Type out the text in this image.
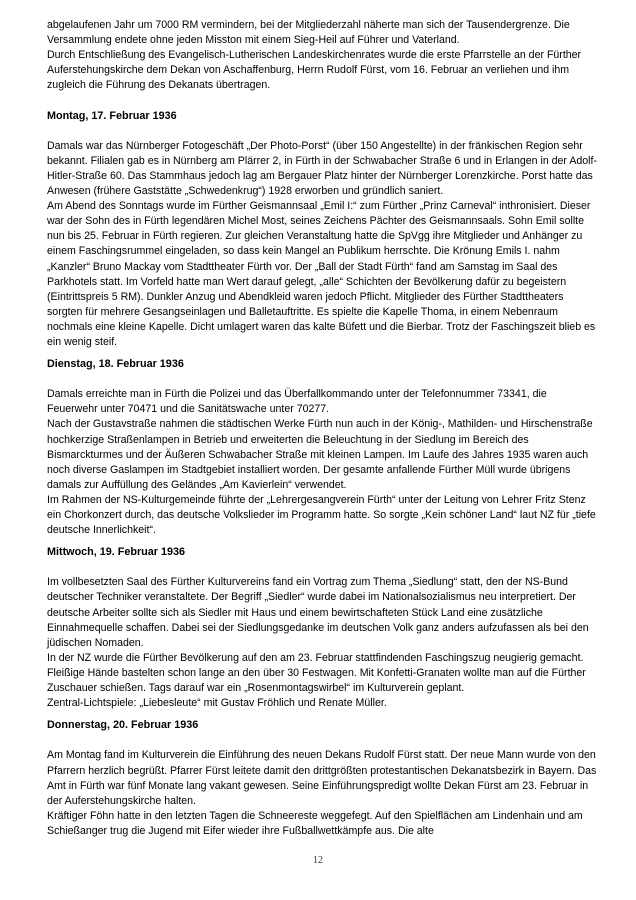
abgelaufenen Jahr um 7000 RM vermindern, bei der Mitgliederzahl näherte man sich der Tausendergrenze. Die Versammlung endete ohne jeden Misston mit einem Sieg-Heil auf Führer und Vaterland.

Durch Entschließung des Evangelisch-Lutherischen Landeskirchenrates wurde die erste Pfarrstelle an der Fürther Auferstehungskirche dem Dekan von Aschaffenburg, Herrn Rudolf Fürst, vom 16. Februar an verliehen und ihm zugleich die Führung des Dekanats übertragen.

Montag, 17. Februar 1936

Damals war das Nürnberger Fotogeschäft „Der Photo-Porst“ (über 150 Angestellte) in der fränkischen Region sehr bekannt. Filialen gab es in Nürnberg am Plärrer 2, in Fürth in der Schwabacher Straße 6 und in Erlangen in der Adolf-Hitler-Straße 60. Das Stammhaus jedoch lag am Bergauer Platz hinter der Nürnberger Lorenzkirche. Porst hatte das Anwesen (frühere Gaststätte „Schwedenkrug“) 1928 erworben und gründlich saniert.

Am Abend des Sonntags wurde im Fürther Geismannsaal „Emil I:“ zum Fürther „Prinz Carneval“ inthronisiert. Dieser war der Sohn des in Fürth legendären Michel Most, seines Zeichens Pächter des Geismannsaals. Sohn Emil sollte nun bis 25. Februar in Fürth regieren. Zur gleichen Veranstaltung hatte die SpVgg ihre Mitglieder und Anhänger zu einem Faschingsrummel eingeladen, so dass kein Mangel an Publikum herrschte. Die Krönung Emils I. nahm „Kanzler“ Bruno Mackay vom Stadttheater Fürth vor. Der „Ball der Stadt Fürth“ fand am Samstag im Saal des Parkhotels statt. Im Vorfeld hatte man Wert darauf gelegt, „alle“ Schichten der Bevölkerung dafür zu begeistern (Eintrittspreis 5 RM). Dunkler Anzug und Abendkleid waren jedoch Pflicht. Mitglieder des Fürther Stadttheaters sorgten für mehrere Gesangseinlagen und Balletauftritte. Es spielte die Kapelle Thoma, in einem Nebenraum nochmals eine kleine Kapelle. Dicht umlagert waren das kalte Büfett und die Bierbar. Trotz der Faschingszeit blieb es ein wenig steif.

Dienstag, 18. Februar 1936

Damals erreichte man in Fürth die Polizei und das Überfallkommando unter der Telefonnummer 73341, die Feuerwehr unter 70471 und die Sanitätswache unter 70277.

Nach der Gustavstraße nahmen die städtischen Werke Fürth nun auch in der König-, Mathilden- und Hirschenstraße hochkerzige Straßenlampen in Betrieb und erweiterten die Beleuchtung in der Siedlung im Bereich des Bismarckturmes und der Äußeren Schwabacher Straße mit kleinen Lampen. Im Laufe des Jahres 1935 waren auch noch diverse Gaslampen im Stadtgebiet installiert worden. Der gesamte anfallende Fürther Müll wurde übrigens damals zur Auffüllung des Geländes „Am Kavierlein“ verwendet.

Im Rahmen der NS-Kulturgemeinde führte der „Lehrergesangverein Fürth“ unter der Leitung von Lehrer Fritz Stenz ein Chorkonzert durch, das deutsche Volkslieder im Programm hatte. So sorgte „Kein schöner Land“ laut NZ für „tiefe deutsche Innerlichkeit“.

Mittwoch, 19. Februar 1936

Im vollbesetzten Saal des Fürther Kulturvereins fand ein Vortrag zum Thema „Siedlung“ statt, den der NS-Bund deutscher Techniker veranstaltete. Der Begriff „Siedler“ wurde dabei im Nationalsozialismus neu interpretiert. Der deutsche Arbeiter sollte sich als Siedler mit Haus und einem bewirtschafteten Stück Land eine zusätzliche Einnahmequelle schaffen. Dabei sei der Siedlungsgedanke im deutschen Volk ganz anders aufzufassen als bei den jüdischen Nomaden.

In der NZ wurde die Fürther Bevölkerung auf den am 23. Februar stattfindenden Faschingszug neugierig gemacht. Fleißige Hände bastelten schon lange an den über 30 Festwagen. Mit Konfetti-Granaten wollte man auf die Fürther Zuschauer schießen. Tags darauf war ein „Rosenmontagswirbel“ im Kulturverein geplant.

Zentral-Lichtspiele: „Liebesleute“ mit Gustav Fröhlich und Renate Müller.

Donnerstag, 20. Februar 1936

Am Montag fand im Kulturverein die Einführung des neuen Dekans Rudolf Fürst statt. Der neue Mann wurde von den Pfarrern herzlich begrüßt. Pfarrer Fürst leitete damit den drittgrößten protestantischen Dekanatsbezirk in Bayern. Das Amt in Fürth war fünf Monate lang vakant gewesen. Seine Einführungspredigt wollte Dekan Fürst am 23. Februar in der Auferstehungskirche halten.

Kräftiger Föhn hatte in den letzten Tagen die Schneereste weggefegt. Auf den Spielflächen am Lindenhain und am Schießanger trug die Jugend mit Eifer wieder ihre Fußballwettkämpfe aus. Die alte

12
